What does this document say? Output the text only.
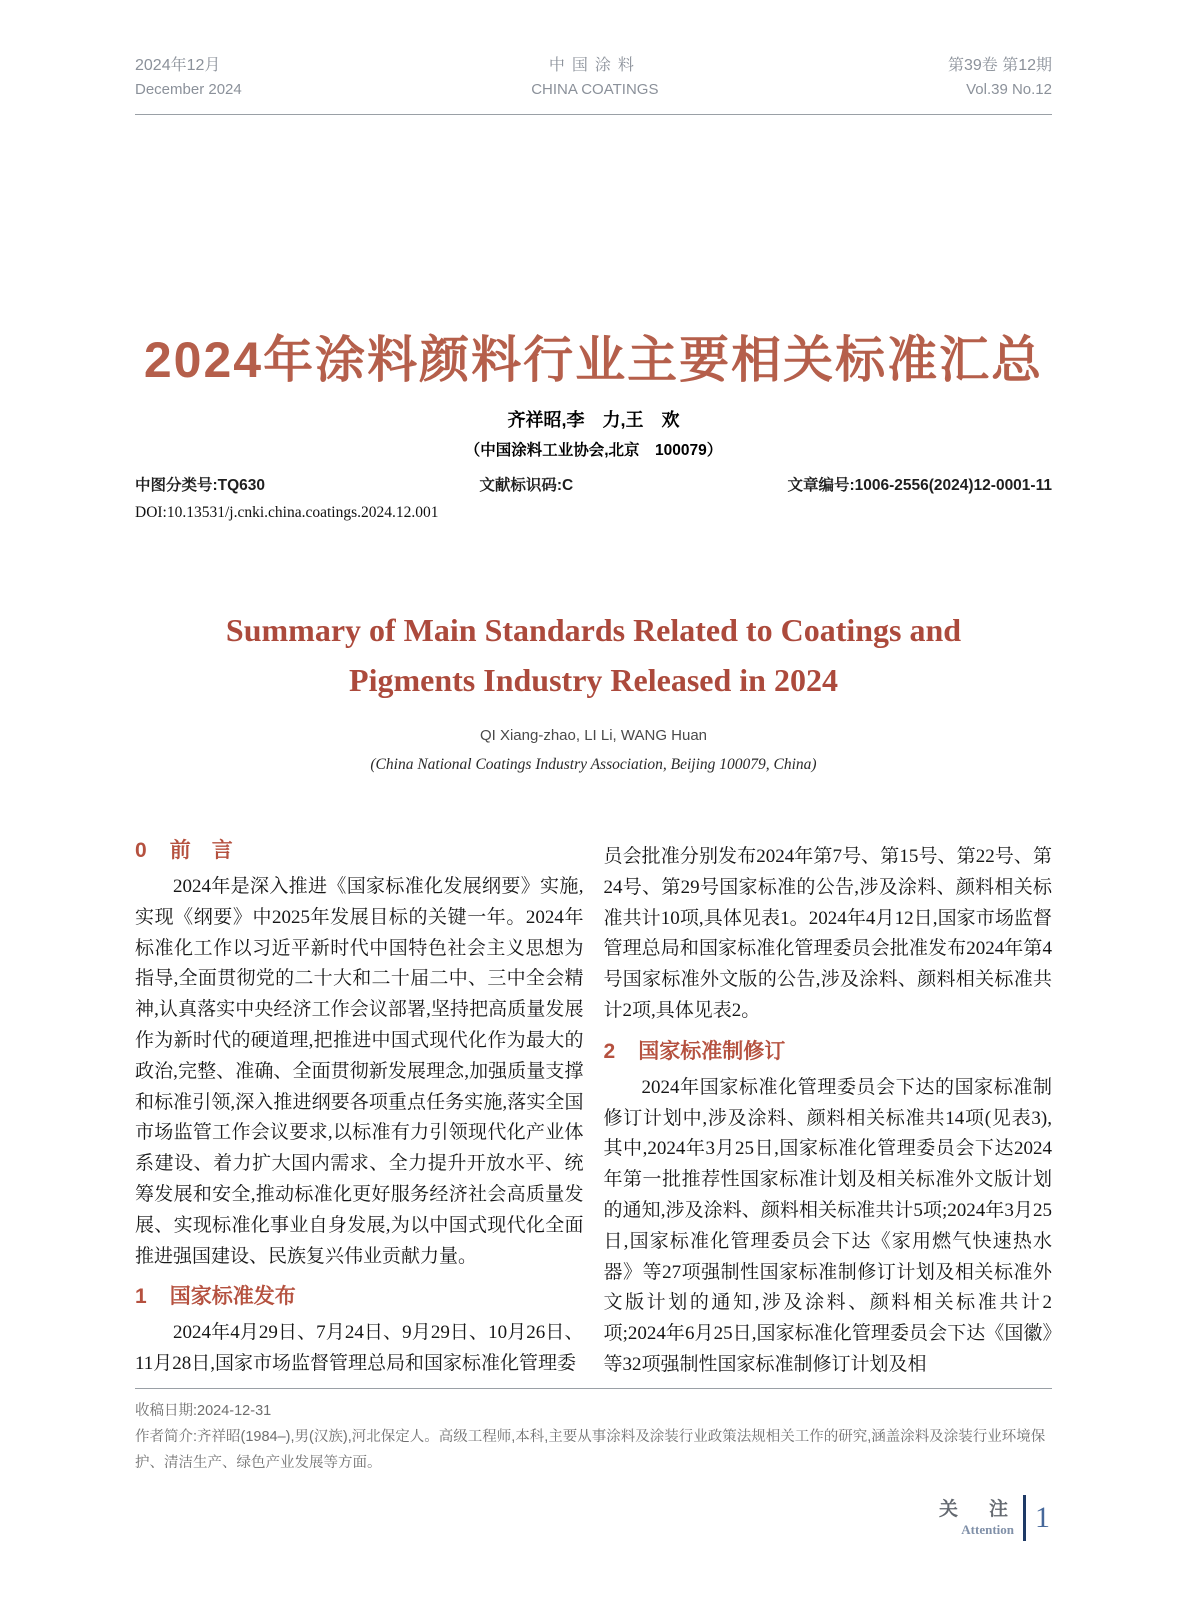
2024年12月
December 2024
中国涂料
CHINA COATINGS
第39卷 第12期
Vol.39 No.12
2024年涂料颜料行业主要相关标准汇总
齐祥昭,李　力,王　欢
（中国涂料工业协会,北京　100079）
中图分类号:TQ630	文献标识码:C	文章编号:1006-2556(2024)12-0001-11
DOI:10.13531/j.cnki.china.coatings.2024.12.001
Summary of Main Standards Related to Coatings and
Pigments Industry Released in 2024
QI Xiang-zhao, LI Li, WANG Huan
(China National Coatings Industry Association, Beijing 100079, China)
0 前　言

2024年是深入推进《国家标准化发展纲要》实施,实现《纲要》中2025年发展目标的关键一年。2024年标准化工作以习近平新时代中国特色社会主义思想为指导,全面贯彻党的二十大和二十届二中、三中全会精神,认真落实中央经济工作会议部署,坚持把高质量发展作为新时代的硬道理,把推进中国式现代化作为最大的政治,完整、准确、全面贯彻新发展理念,加强质量支撑和标准引领,深入推进纲要各项重点任务实施,落实全国市场监管工作会议要求,以标准有力引领现代化产业体系建设、着力扩大国内需求、全力提升开放水平、统筹发展和安全,推动标准化更好服务经济社会高质量发展、实现标准化事业自身发展,为以中国式现代化全面推进强国建设、民族复兴伟业贡献力量。

1 国家标准发布

2024年4月29日、7月24日、9月29日、10月26日、11月28日,国家市场监督管理总局和国家标准化管理委

员会批准分别发布2024年第7号、第15号、第22号、第24号、第29号国家标准的公告,涉及涂料、颜料相关标准共计10项,具体见表1。2024年4月12日,国家市场监督管理总局和国家标准化管理委员会批准发布2024年第4号国家标准外文版的公告,涉及涂料、颜料相关标准共计2项,具体见表2。

2 国家标准制修订

2024年国家标准化管理委员会下达的国家标准制修订计划中,涉及涂料、颜料相关标准共14项(见表3),其中,2024年3月25日,国家标准化管理委员会下达2024年第一批推荐性国家标准计划及相关标准外文版计划的通知,涉及涂料、颜料相关标准共计5项;2024年3月25日,国家标准化管理委员会下达《家用燃气快速热水器》等27项强制性国家标准制修订计划及相关标准外文版计划的通知,涉及涂料、颜料相关标准共计2项;2024年6月25日,国家标准化管理委员会下达《国徽》等32项强制性国家标准制修订计划及相

收稿日期:2024-12-31

作者简介:齐祥昭(1984–),男(汉族),河北保定人。高级工程师,本科,主要从事涂料及涂装行业政策法规相关工作的研究,涵盖涂料及涂装行业环境保护、清洁生产、绿色产业发展等方面。

关　注
Attention 1
